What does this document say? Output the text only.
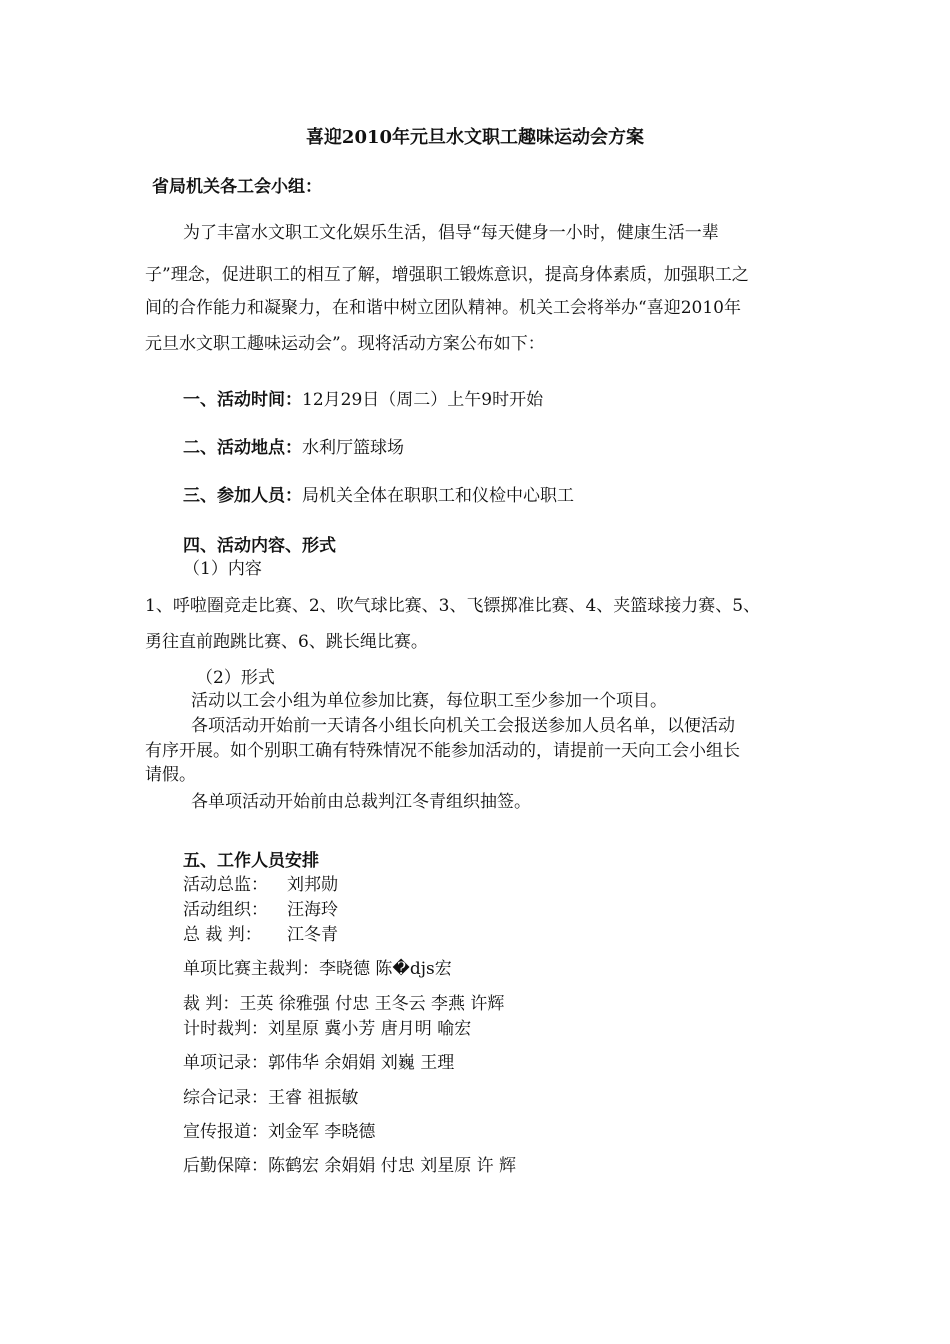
喜迎2010年元旦水文职工趣味运动会方案
省局机关各工会小组：
为了丰富水文职工文化娱乐生活，倡导“每天健身一小时，健康生活一辈
子”理念，促进职工的相互了解，增强职工锻炼意识，提高身体素质，加强职工之
间的合作能力和凝聚力，在和谐中树立团队精神。机关工会将举办“喜迎2010年
元旦水文职工趣味运动会”。现将活动方案公布如下：
一、活动时间：12月29日（周二）上午9时开始
二、活动地点：水利厅篮球场
三、参加人员：局机关全体在职职工和仪检中心职工
四、活动内容、形式
（1）内容
1、呼啦圈竞走比赛、2、吹气球比赛、3、飞镖掷准比赛、4、夹篮球接力赛、5、
勇往直前跑跳比赛、6、跳长绳比赛。
（2）形式
活动以工会小组为单位参加比赛，每位职工至少参加一个项目。
各项活动开始前一天请各小组长向机关工会报送参加人员名单，以便活动
有序开展。如个别职工确有特殊情况不能参加活动的，请提前一天向工会小组长
请假。
各单项活动开始前由总裁判江冬青组织抽签。
五、工作人员安排
活动总监： 刘邦勋
活动组织： 汪海玲
总 裁 判： 江冬青
单项比赛主裁判：李晓德 陈�djs宏
裁 判：王英 徐雅强 付忠 王冬云 李燕 许辉
计时裁判：刘星原 冀小芳 唐月明 喻宏
单项记录：郭伟华 余娟娟 刘巍 王理
综合记录：王睿 祖振敏
宣传报道：刘金军 李晓德
后勤保障：陈鹤宏 余娟娟 付忠 刘星原 许 辉
